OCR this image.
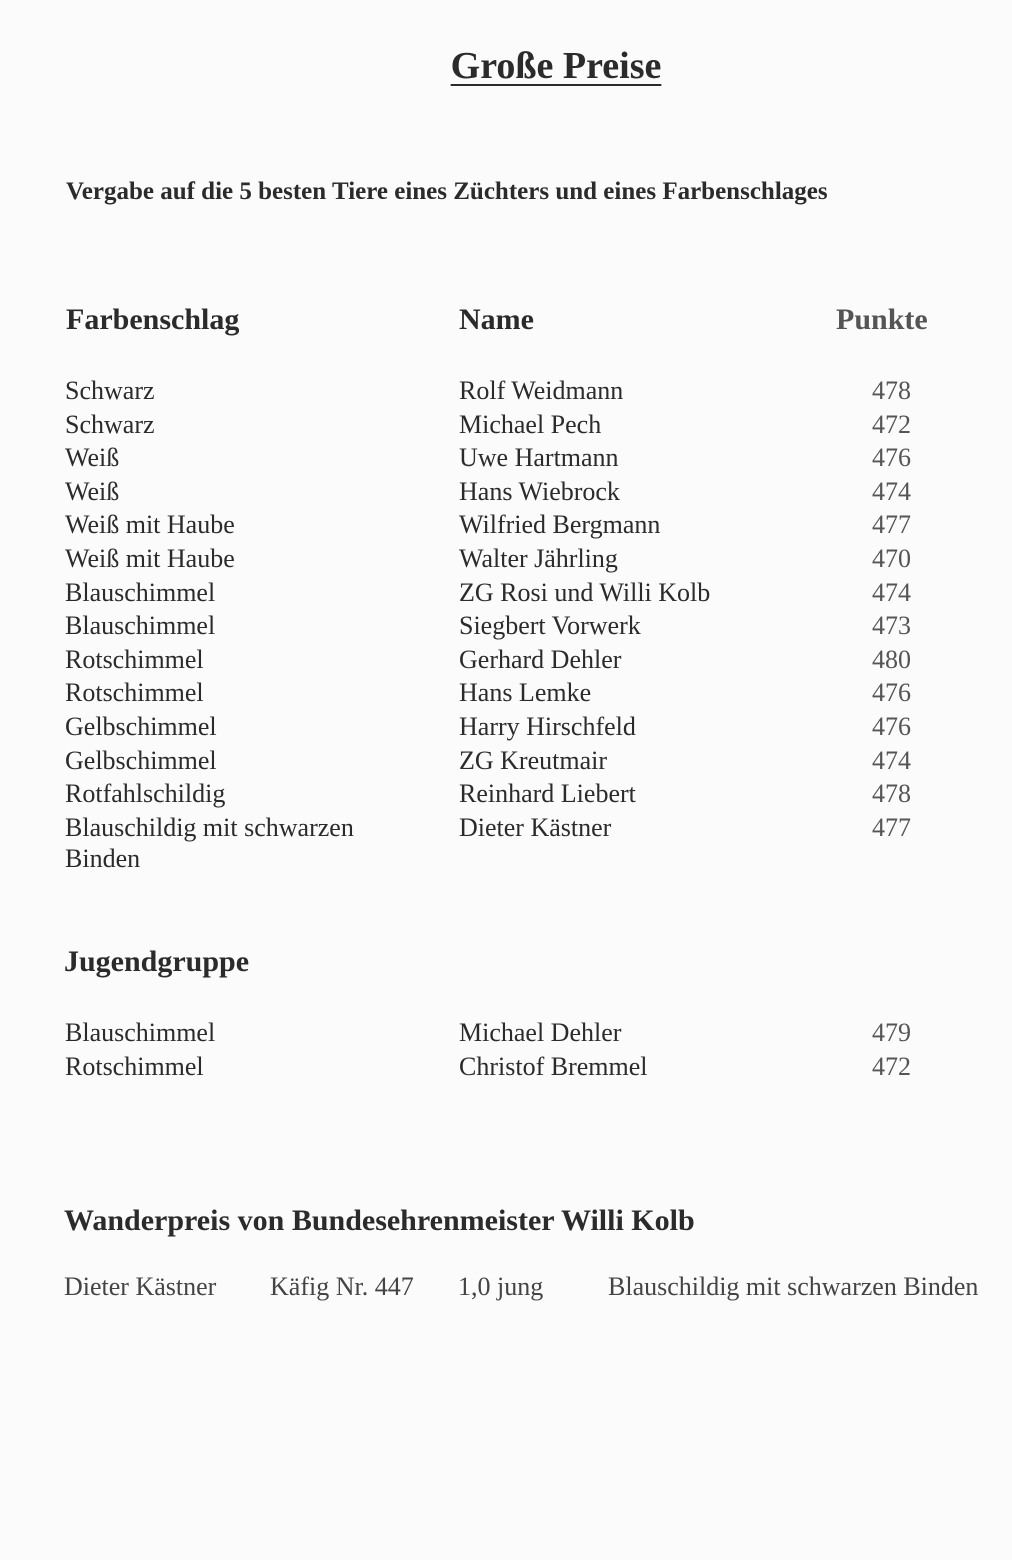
Große Preise
Vergabe auf die 5 besten Tiere eines Züchters und eines Farbenschlages
Farbenschlag	Name	Punkte
Schwarz	Rolf Weidmann	478
Schwarz	Michael Pech	472
Weiß	Uwe Hartmann	476
Weiß	Hans Wiebrock	474
Weiß mit Haube	Wilfried Bergmann	477
Weiß mit Haube	Walter Jährling	470
Blauschimmel	ZG Rosi und Willi Kolb	474
Blauschimmel	Siegbert Vorwerk	473
Rotschimmel	Gerhard Dehler	480
Rotschimmel	Hans Lemke	476
Gelbschimmel	Harry Hirschfeld	476
Gelbschimmel	ZG Kreutmair	474
Rotfahlschildig	Reinhard Liebert	478
Blauschildig mit schwarzen	Dieter Kästner	477
Binden
Jugendgruppe
Blauschimmel	Michael Dehler	479
Rotschimmel	Christof Bremmel	472
Wanderpreis von Bundesehrenmeister Willi Kolb
Dieter Kästner Käfig Nr. 447 1,0 jung Blauschildig mit schwarzen Binden
